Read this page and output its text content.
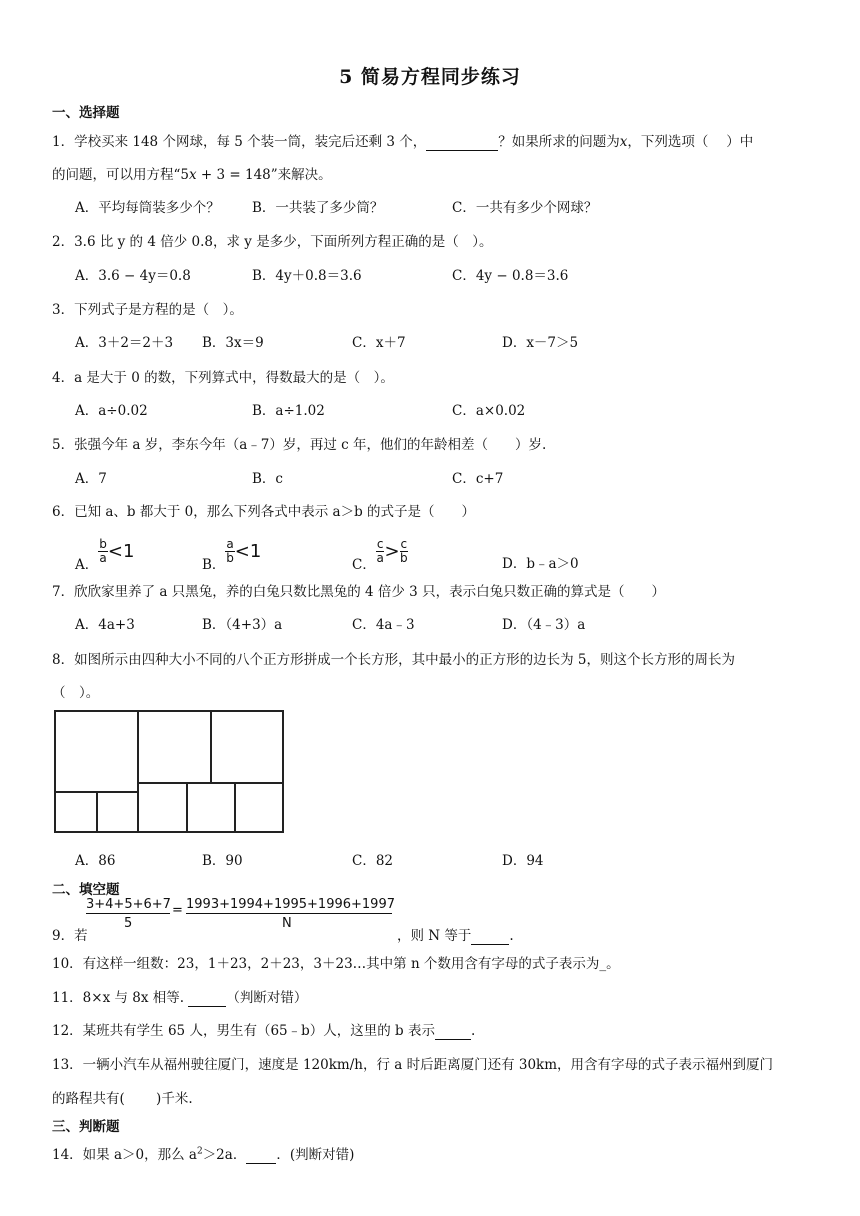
5 简易方程同步练习
一、选择题
1．学校买来 148 个网球，每 5 个装一筒，装完后还剩 3 个，	？如果所求的问题为𝑥，下列选项（　 ）中
的问题，可以用方程“5𝑥 + 3 = 148”来解决。
A．平均每筒装多少个？ B．一共装了多少筒？	C．一共有多少个网球？
2．3.6 比 y 的 4 倍少 0.8，求 y 是多少，下面所列方程正确的是（　）。
A．3.6 − 4y＝0.8	B．4y＋0.8＝3.6	C．4y − 0.8＝3.6
3．下列式子是方程的是（　）。
A．3＋2＝2＋3 B．3x＝9	C．x＋7	D．x－7＞5
4．a 是大于 0 的数，下列算式中，得数最大的是（　）。
A．a÷0.02	B．a÷1.02	C．a×0.02
5．张强今年 a 岁，李东今年（a﹣7）岁，再过 c 年，他们的年龄相差（　　）岁.
A．7	B．c	C．c+7
6．已知 a、b 都大于 0，那么下列各式中表示 a＞b 的式子是（　　）
A． $\frac{b}{a} <1$
B． $\frac{a}{b} <1$
C． $\frac{c}{a} > \frac{c}{b}$	D．b﹣a＞0
7．欣欣家里养了 a 只黑兔，养的白兔只数比黑兔的 4 倍少 3 只，表示白兔只数正确的算式是（　　）
A．4a+3	B．（4+3）a	C．4a﹣3	D．（4﹣3）a
8．如图所示由四种大小不同的八个正方形拼成一个长方形，其中最小的正方形的边长为 5，则这个长方形的周长为
（　）。
A．86	B．90	C．82	D．94
二、填空题
3+4+5+6+7
5
= 1993+1994+1995+1996+1997
N
9．若	，则 N 等于	.
10．有这样一组数：23，1＋23，2＋23，3＋23…其中第 n 个数用含有字母的式子表示为_。
11．8×x 与 8x 相等.	（判断对错）
12．某班共有学生 65 人，男生有（65﹣b）人，这里的 b 表示	.
13．一辆小汽车从福州驶往厦门，速度是 120km/h，行 a 时后距离厦门还有 30km，用含有字母的式子表示福州到厦门
的路程共有(　　 )千米.
三、判断题
14．如果 a＞0，那么 $a^2>2a$． ．(判断对错)
